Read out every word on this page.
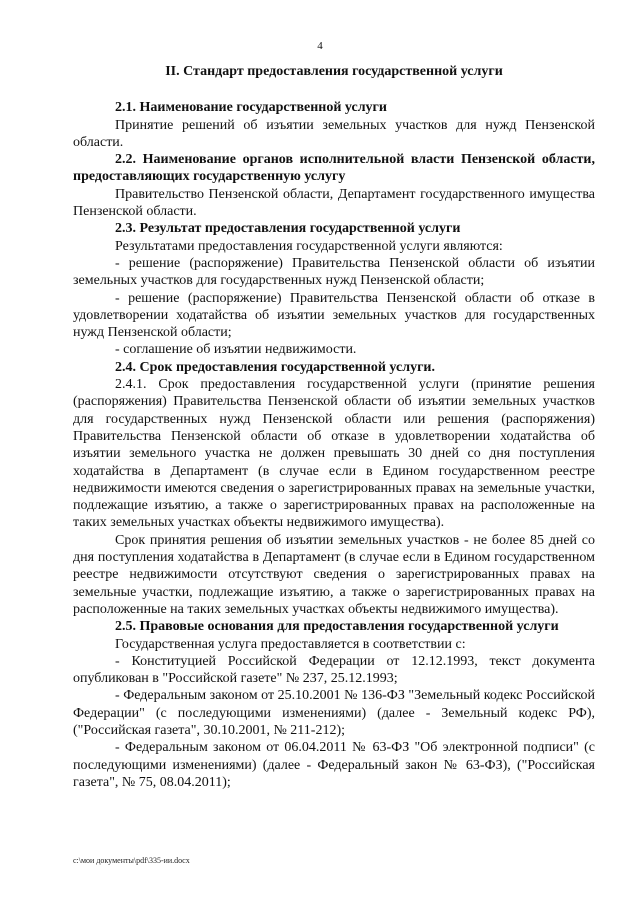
4
II. Стандарт предоставления государственной услуги

2.1. Наименование государственной услуги

Принятие решений об изъятии земельных участков для нужд Пензенской области.

2.2. Наименование органов исполнительной власти Пензенской области, предоставляющих государственную услугу

Правительство Пензенской области, Департамент государственного имущества Пензенской области.

2.3. Результат предоставления государственной услуги

Результатами предоставления государственной услуги являются:

- решение (распоряжение) Правительства Пензенской области об изъятии земельных участков для государственных нужд Пензенской области;

- решение (распоряжение) Правительства Пензенской области об отказе в удовлетворении ходатайства об изъятии земельных участков для государственных нужд Пензенской области;

- соглашение об изъятии недвижимости.

2.4. Срок предоставления государственной услуги.

2.4.1. Срок предоставления государственной услуги (принятие решения (распоряжения) Правительства Пензенской области об изъятии земельных участков для государственных нужд Пензенской области или решения (распоряжения) Правительства Пензенской области об отказе в удовлетворении ходатайства об изъятии земельного участка не должен превышать 30 дней со дня поступления ходатайства в Департамент (в случае если в Едином государственном реестре недвижимости имеются сведения о зарегистрированных правах на земельные участки, подлежащие изъятию, а также о зарегистрированных правах на расположенные на таких земельных участках объекты недвижимого имущества).

Срок принятия решения об изъятии земельных участков - не более 85 дней со дня поступления ходатайства в Департамент (в случае если в Едином государственном реестре недвижимости отсутствуют сведения о зарегистрированных правах на земельные участки, подлежащие изъятию, а также о зарегистрированных правах на расположенные на таких земельных участках объекты недвижимого имущества).

2.5. Правовые основания для предоставления государственной услуги

Государственная услуга предоставляется в соответствии с:

- Конституцией Российской Федерации от 12.12.1993, текст документа опубликован в "Российской газете" № 237, 25.12.1993;

- Федеральным законом от 25.10.2001 № 136-ФЗ "Земельный кодекс Российской Федерации" (с последующими изменениями) (далее - Земельный кодекс РФ), ("Российская газета", 30.10.2001, № 211-212);

- Федеральным законом от 06.04.2011 № 63-ФЗ "Об электронной подписи" (с последующими изменениями) (далее - Федеральный закон № 63-ФЗ), ("Российская газета", № 75, 08.04.2011);

c:\мои документы\pdf\335-ии.docx
